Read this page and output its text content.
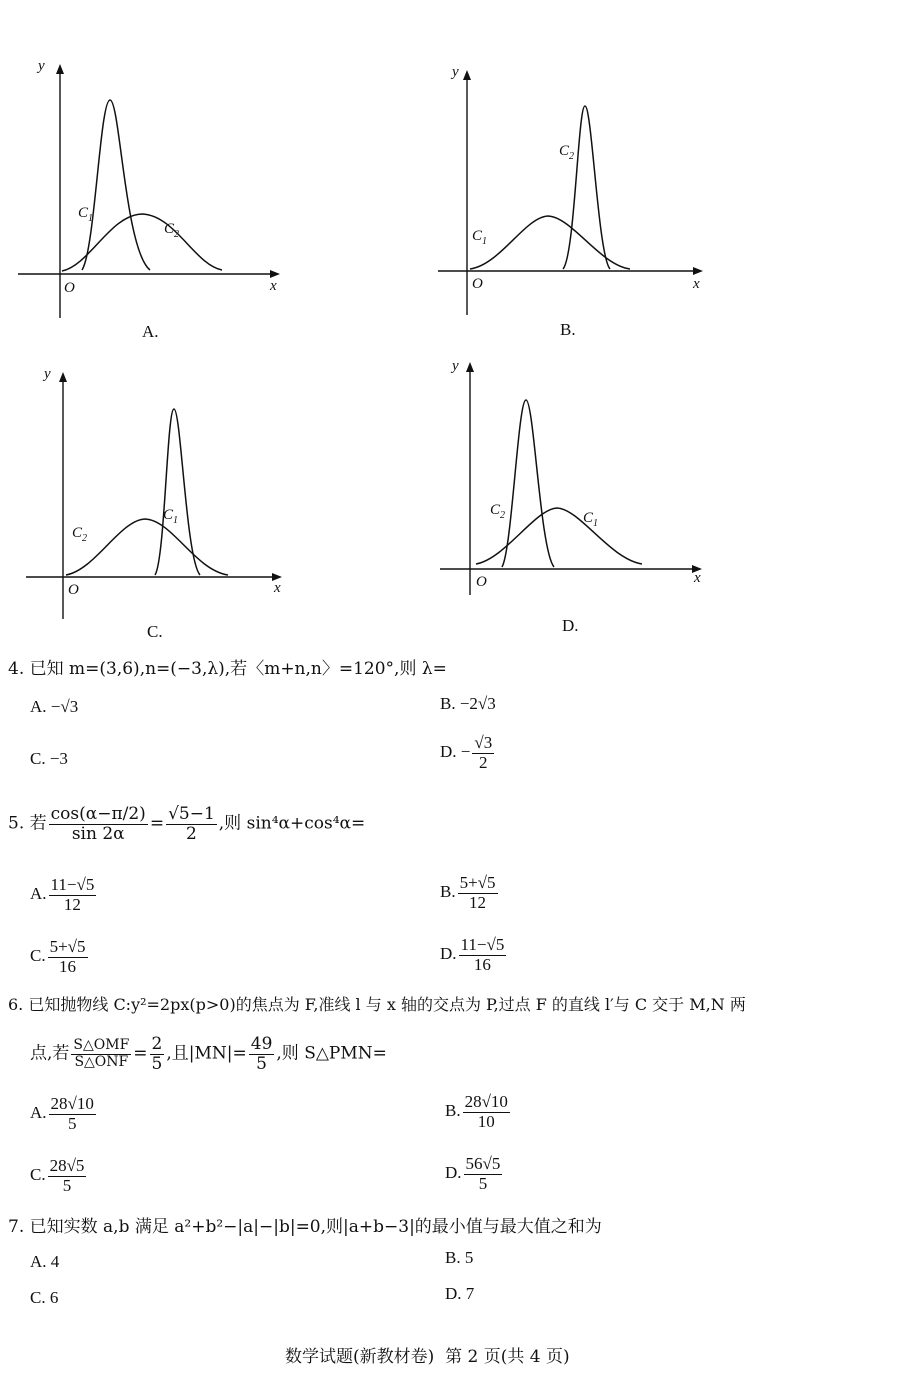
y
x
O
$C_1$
$C_2$
A.
y
x
O
$C_1$
$C_2$
B.
y
x
O
$C_2$
$C_1$
C.
y
x
O
$C_2$	$C_1$
D.
4. 已知 m=(3,6),n=(−3,λ),若〈m+n,n〉=120°,则 λ=
A. −√3	B. −2√3
C. −3	D. − $\frac{√3}{2}$
5. 若 $\frac{\cos(\alpha-\pi/2)}{\sin 2\alpha} = \frac{√5-1}{2}$ ,则 sin⁴α+cos⁴α=
A. $\frac{11-√5}{12}$	B. $\frac{5+√5}{12}$
C. $\frac{5+√5}{16}$	D. $\frac{11-√5}{16}$
6. 已知抛物线 C:y²=2px(p>0)的焦点为 F,准线 l 与 x 轴的交点为 P,过点 F 的直线 l′与 C 交于 M,N 两
点,若 $\frac{\text{S△OMF}}{\text{S△ONF}} = \frac{2}{5}$ ,且$|MN|= \frac{49}{5}$ ,则 S△PMN=
A. $\frac{28√10}{5}$	B. $\frac{28√10}{10}$
C. $\frac{28√5}{5}$	D. $\frac{56√5}{5}$
7. 已知实数 a,b 满足 a²+b²−|a|−|b|=0,则|a+b−3|的最小值与最大值之和为
A. 4	B. 5
C. 6	D. 7
数学试题(新教材卷)  第 2 页(共 4 页)
